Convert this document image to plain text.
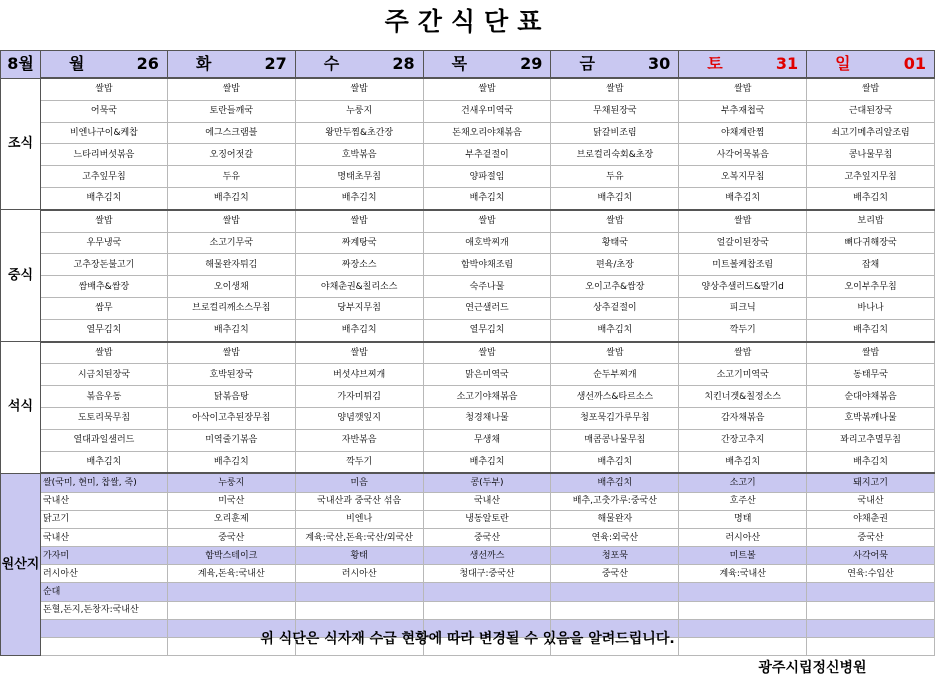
주간식단표
8월	월 26	화 27	수 28	목 29	금 30	토 31	일 01

조식	쌀밥	쌀밥	쌀밥	쌀밥	쌀밥	쌀밥	쌀밥
	어묵국	토란들깨국	누룽지	건새우미역국	무채된장국	부추재첩국	근대된장국
	비엔나구이&케찹	에그스크램블	왕만두찜&초간장	돈채오리야채볶음	닭갈비조림	야채계란찜	쇠고기메추리알조림
	느타리버섯볶음	오징어젓갈	호박볶음	부추겉절이	브로컬리숙회&초장	사각어묵볶음	콩나물무침
	고추잎무침	두유	명태초무침	양파절임	두유	오복지무침	고추잎지무침
	배추김치	배추김치	배추김치	배추김치	배추김치	배추김치	배추김치
중식	쌀밥	쌀밥	쌀밥	쌀밥	쌀밥	쌀밥	보리밥
	우무냉국	소고기무국	짜계탕국	애호박찌개	황태국	얼갈이된장국	뼈다귀해장국
	고추장돈불고기	해물완자튀김	짜장소스	함박야채조림	편육/초장	미트볼케찹조림	잡채
	쌈배추&쌈장	오이생채	야채춘권&칠리소스	숙주나물	오이고추&쌈장	양상추샐러드&딸기d	오이부추무침
	쌈무	브로컬리깨소스무침	당부지무침	연근샐러드	상추겉절이	피크닉	바나나
	열무김치	배추김치	배추김치	열무김치	배추김치	깍두기	배추김치
석식	쌀밥	쌀밥	쌀밥	쌀밥	쌀밥	쌀밥	쌀밥
	시금치된장국	호박된장국	버섯샤브찌개	맑은미역국	순두부찌개	소고기미역국	동태무국
	볶음우동	닭볶음탕	가자미튀김	소고기야채볶음	생선까스&타르소스	치킨너겟&칠정소스	순대야채볶음
	도토리묵무침	아삭이고추된장무침	양념깻잎지	청경채나물	청포묵김가루무침	감자채볶음	호박볶깨나물
	열대과일샐러드	미역줄기볶음	자반볶음	무생채	매콤콩나물무침	간장고추지	꽈리고추멸무침
	배추김치	배추김치	깍두기	배추김치	배추김치	배추김치	배추김치
원산지	쌀(국미, 현미, 찹쌀, 죽)	누룽지	미음	콩(두부)	배추김치	소고기	돼지고기
	국내산	미국산	국내산과 중국산 섞음	국내산	배추,고춧가루:중국산	호주산	국내산
	닭고기	오리훈제	비엔나	냉동알토란	해물완자	명태	야채춘권
	국내산	중국산	계육:국산,돈육:국산/외국산	중국산	연육:외국산	러시아산	중국산
	가자미	함박스테이크	황태	생선까스	청포묵	미트볼	사각어묵
	러시아산	계육,돈육:국내산	러시아산	청대구:중국산	중국산	계육:국내산	연육:수입산
	순대						
	돈혈,돈지,돈창자:국내산						

위 식단은 식자재 수급 현황에 따라 변경될 수 있음을 알려드립니다.
광주시립정신병원
